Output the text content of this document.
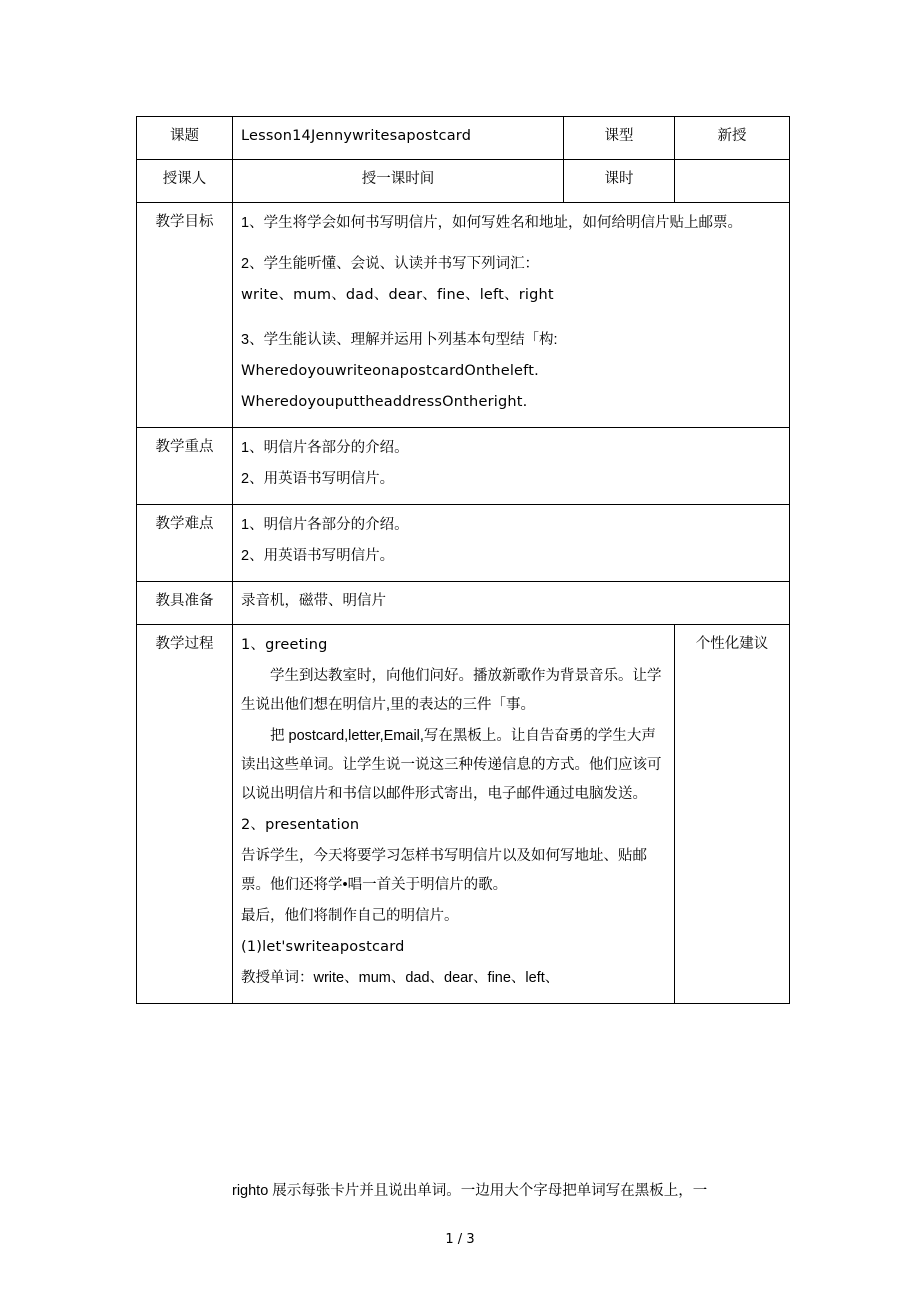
课题	Lesson14Jennywritesapostcard	课型	新授
授课人	授一课时间	课时	
教学目标	1、学生将学会如何书写明信片，如何写姓名和地址，如何给明信片贴上邮票。

2、学生能听懂、会说、认读并书写下列词汇：

write、mum、dad、dear、fine、left、right

3、学生能认读、理解并运用卜列基本句型结「构:

WheredoyouwriteonapostcardOntheleft.

WheredoyouputtheaddressOntheright.

教学重点	1、明信片各部分的介绍。

2、用英语书写明信片。		

教学难点	1、明信片各部分的介绍。

2、用英语书写明信片。		

教具准备	录音机，磁带、明信片		
教学过程	1、greeting

学生到达教室时，向他们问好。播放新歌作为背景音乐。让学生说出他们想在明信片,里的表达的三件「事。

把 postcard,letter,Email,写在黑板上。让自告奋勇的学生大声读出这些单词。让学生说一说这三种传递信息的方式。他们应该可以说出明信片和书信以邮件形式寄出，电子邮件通过电脑发送。

2、presentation

告诉学生，今天将要学习怎样书写明信片以及如何写地址、贴邮票。他们还将学•唱一首关于明信片的歌。

最后，他们将制作自己的明信片。

(1)let'swriteapostcard

教授单词：write、mum、dad、dear、fine、left、

	个性化建议
righto 展示每张卡片并且说出单词。一边用大个字母把单词写在黑板上，一
1 / 3
